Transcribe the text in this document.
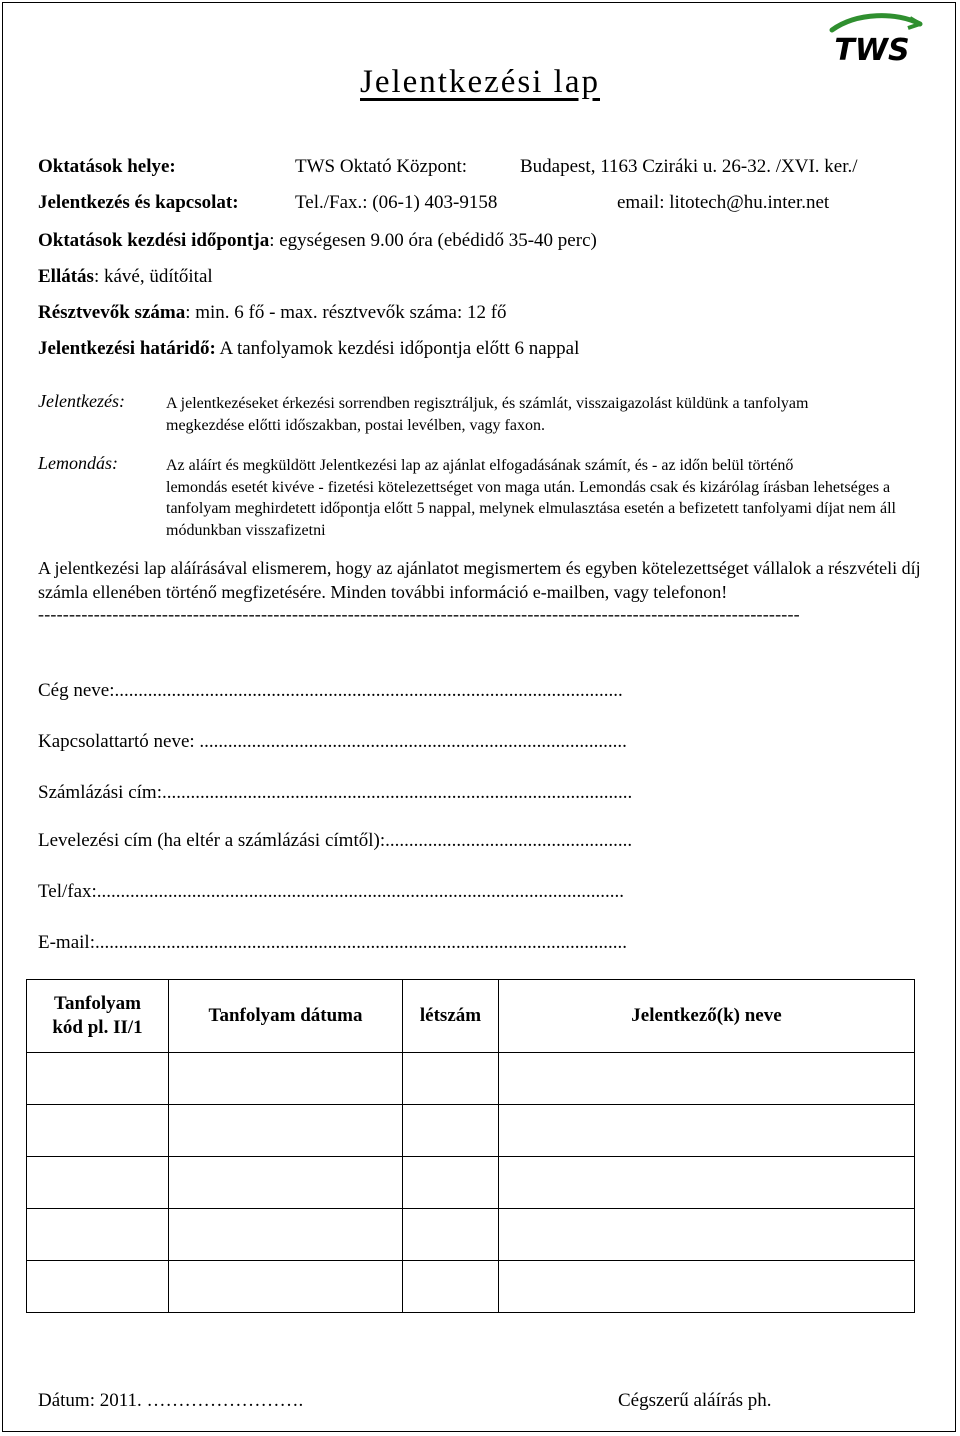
TWS
Jelentkezési lap
Oktatások helye:	TWS Oktató Központ:	Budapest, 1163 Cziráki u. 26-32. /XVI. ker./
Jelentkezés és kapcsolat:	Tel./Fax.: (06-1) 403-9158	email: litotech@hu.inter.net
Oktatások kezdési időpontja: egységesen 9.00 óra (ebédidő 35-40 perc)
Ellátás: kávé, üdítőital
Résztvevők száma: min. 6 fő - max. résztvevők száma: 12 fő
Jelentkezési határidő: A tanfolyamok kezdési időpontja előtt 6 nappal
Jelentkezés:	A jelentkezéseket érkezési sorrendben regisztráljuk, és számlát, visszaigazolást küldünk a tanfolyam megkezdése előtti időszakban, postai levélben, vagy faxon.
Lemondás:	Az aláírt és megküldött Jelentkezési lap az ajánlat elfogadásának számít, és - az időn belül történő
lemondás esetét kivéve - fizetési kötelezettséget von maga után. Lemondás csak és kizárólag írásban lehetséges a tanfolyam meghirdetett időpontja előtt 5 nappal, melynek elmulasztása esetén a befizetett tanfolyami díjat nem áll módunkban visszafizetni
A jelentkezési lap aláírásával elismerem, hogy az ajánlatot megismertem és egyben kötelezettséget vállalok a részvételi díj számla ellenében történő megfizetésére. Minden további információ e-mailben, vagy telefonon!
---------------------------------------------------------------------------------------------------------------------------
Cég neve:...........................................................................................................
Kapcsolattartó neve: ..........................................................................................
Számlázási cím:...................................................................................................
Levelezési cím (ha eltér a számlázási címtől):....................................................
Tel/fax:...............................................................................................................
E-mail:................................................................................................................
Tanfolyam kód pl. II/1	Tanfolyam dátuma	létszám	Jelentkező(k) neve

Dátum: 2011. …………………….	Cégszerű aláírás ph.
